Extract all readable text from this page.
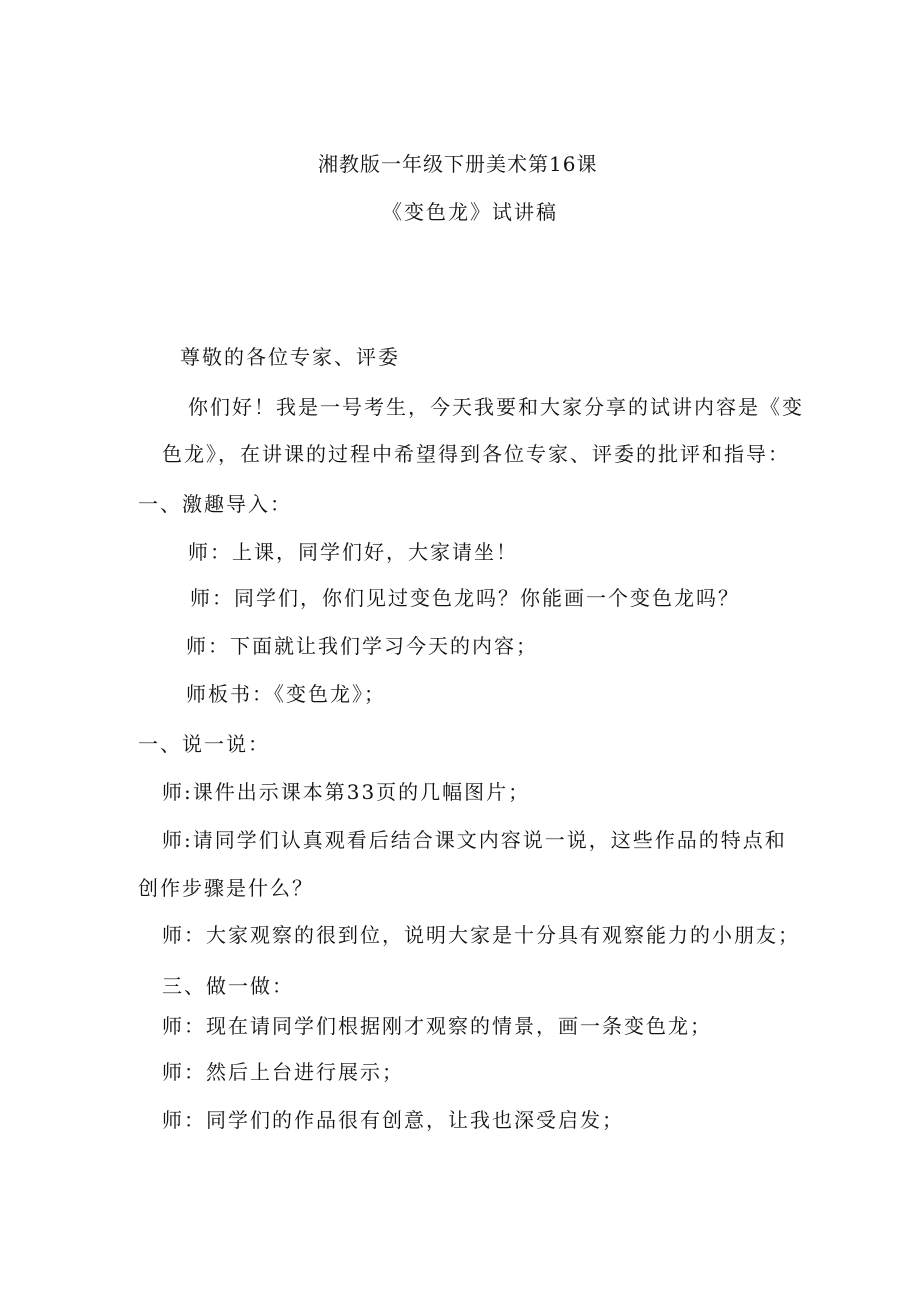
湘教版一年级下册美术第16课
《变色龙》试讲稿
尊敬的各位专家、评委
你们好！我是一号考生，今天我要和大家分享的试讲内容是《变
色龙》，在讲课的过程中希望得到各位专家、评委的批评和指导：
一、激趣导入：
师：上课，同学们好，大家请坐！
师：同学们，你们见过变色龙吗？你能画一个变色龙吗？
师：下面就让我们学习今天的内容；
师板书：《变色龙》；
一、说一说：
师:课件出示课本第33页的几幅图片；
师:请同学们认真观看后结合课文内容说一说，这些作品的特点和
创作步骤是什么？
师：大家观察的很到位，说明大家是十分具有观察能力的小朋友；
三、做一做：
师：现在请同学们根据刚才观察的情景，画一条变色龙；
师：然后上台进行展示；
师：同学们的作品很有创意，让我也深受启发；
